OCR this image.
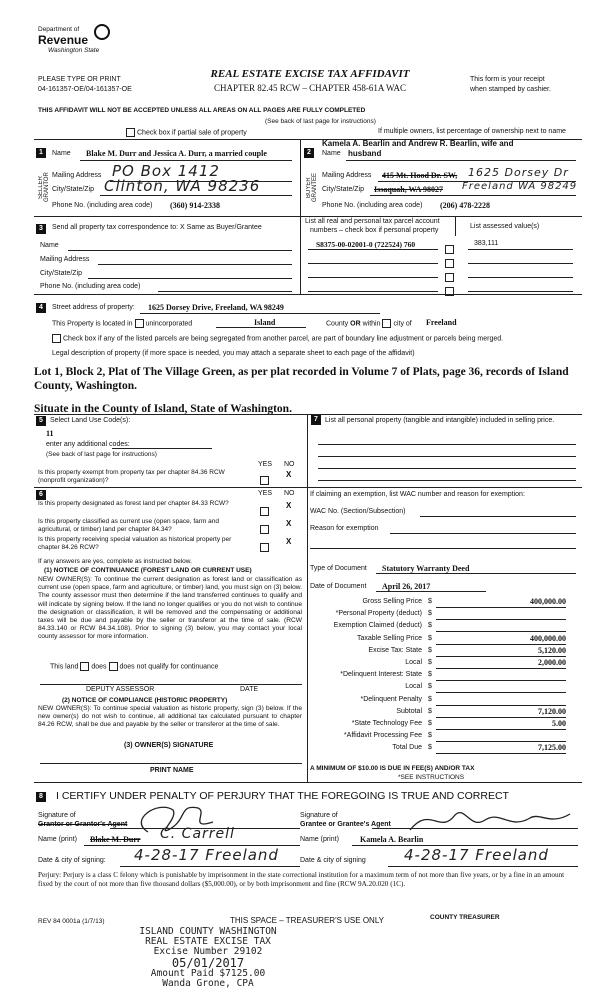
Department of
Revenue
Washington State
PLEASE TYPE OR PRINT
04-161357-OE/04-161357-OE
REAL ESTATE EXCISE TAX AFFIDAVIT
CHAPTER 82.45 RCW – CHAPTER 458-61A WAC
This form is your receipt
when stamped by cashier.
THIS AFFIDAVIT WILL NOT BE ACCEPTED UNLESS ALL AREAS ON ALL PAGES ARE FULLY COMPLETED
(See back of last page for instructions)
Check box if partial sale of property	If multiple owners, list percentage of ownership next to name
1
SELLER GRANTOR
Name Blake M. Durr and Jessica A. Durr, a married couple
Mailing Address PO Box 1412
City/State/Zip Clinton, WA 98236
Phone No. (including area code) (360) 914-2338
Kamela A. Bearlin and Andrew R. Bearlin, wife and
2
BUYER GRANTEE
Name husband
Mailing Address 415 Mt. Hood Dr. SW, 1625 Dorsey Dr
City/State/Zip Issaquah, WA 98027 Freeland WA 98249
Phone No. (including area code) (206) 478-2228
3	Send all property tax correspondence to: X Same as Buyer/Grantee
Name
Mailing Address
City/State/Zip
Phone No. (including area code)
List all real and personal tax parcel account
numbers – check box if personal property
List assessed value(s)
S8375-00-02001-0 (722524) 760	383,111
4	Street address of property: 1625 Dorsey Drive, Freeland, WA 98249
This Property is located in unincorporated	Island	County OR within city of Freeland
Check box if any of the listed parcels are being segregated from another parcel, are part of boundary line adjustment or parcels being merged.
Legal description of property (if more space is needed, you may attach a separate sheet to each page of the affidavit)
Lot 1, Block 2, Plat of The Village Green, as per plat recorded in Volume 7 of Plats, page 36, records of Island County, Washington.
Situate in the County of Island, State of Washington.
5	Select Land Use Code(s):
11
enter any additional codes:
(See back of last page for instructions)
YES NO
Is this property exempt from property tax per chapter 84.36 RCW (nonprofit organization)?
X
6	YES NO
Is this property designated as forest land per chapter 84.33 RCW?	X
Is this property classified as current use (open space, farm and agricultural, or timber) land per chapter 84.34?
X
Is this property receiving special valuation as historical property per chapter 84.26 RCW?
X
If any answers are yes, complete as instructed below.
(1) NOTICE OF CONTINUANCE (FOREST LAND OR CURRENT USE)
NEW OWNER(S): To continue the current designation as forest land or classification as current use (open space, farm and agriculture, or timber) land, you must sign on (3) below. The county assessor must then determine if the land transferred continues to qualify and will indicate by signing below. If the land no longer qualifies or you do not wish to continue the designation or classification, it will be removed and the compensating or additional taxes will be due and payable by the seller or transferor at the time of sale. (RCW 84.33.140 or RCW 84.34.108). Prior to signing (3) below, you may contact your local county assessor for more information.
This land does does not qualify for continuance
DEPUTY ASSESSOR	DATE
(2) NOTICE OF COMPLIANCE (HISTORIC PROPERTY)
NEW OWNER(S): To continue special valuation as historic property, sign (3) below. If the new owner(s) do not wish to continue, all additional tax calculated pursuant to chapter 84.26 RCW, shall be due and payable by the seller or transferor at the time of sale.
(3) OWNER(S) SIGNATURE
PRINT NAME
7	List all personal property (tangible and intangible) included in selling price.
If claiming an exemption, list WAC number and reason for exemption:
WAC No. (Section/Subsection)
Reason for exemption
Type of Document Statutory Warranty Deed
Date of Document April 26, 2017
Gross Selling Price $	400,000.00
*Personal Property (deduct) $
Exemption Claimed (deduct) $
Taxable Selling Price $	400,000.00
Excise Tax: State $	5,120.00
Local $	2,000.00
*Delinquent Interest: State $
Local $
*Delinquent Penalty $
Subtotal $	7,120.00
*State Technology Fee $	5.00
*Affidavit Processing Fee $
Total Due $	7,125.00
A MINIMUM OF $10.00 IS DUE IN FEE(S) AND/OR TAX
*SEE INSTRUCTIONS
8 I CERTIFY UNDER PENALTY OF PERJURY THAT THE FOREGOING IS TRUE AND CORRECT
Signature of
Grantor or Grantor's Agent
Name (print) Blake M. Durr C. Carrell
Date & city of signing: 4-28-17 Freeland
Signature of
Grantee or Grantee's Agent
Name (print)	Kamela A. Bearlin
Date & city of signing	4-28-17 Freeland
Perjury: Perjury is a class C felony which is punishable by imprisonment in the state correctional institution for a maximum term of not more than five years, or by a fine in an amount fixed by the court of not more than five thousand dollars ($5,000.00), or by both imprisonment and fine (RCW 9A.20.020 (1C).
REV 84 0001a (1/7/13)	THIS SPACE – TREASURER'S USE ONLY	COUNTY TREASURER
ISLAND COUNTY WASHINGTON
REAL ESTATE EXCISE TAX
Excise Number 29102
05/01/2017
Amount Paid $7125.00
Wanda Grone, CPA
